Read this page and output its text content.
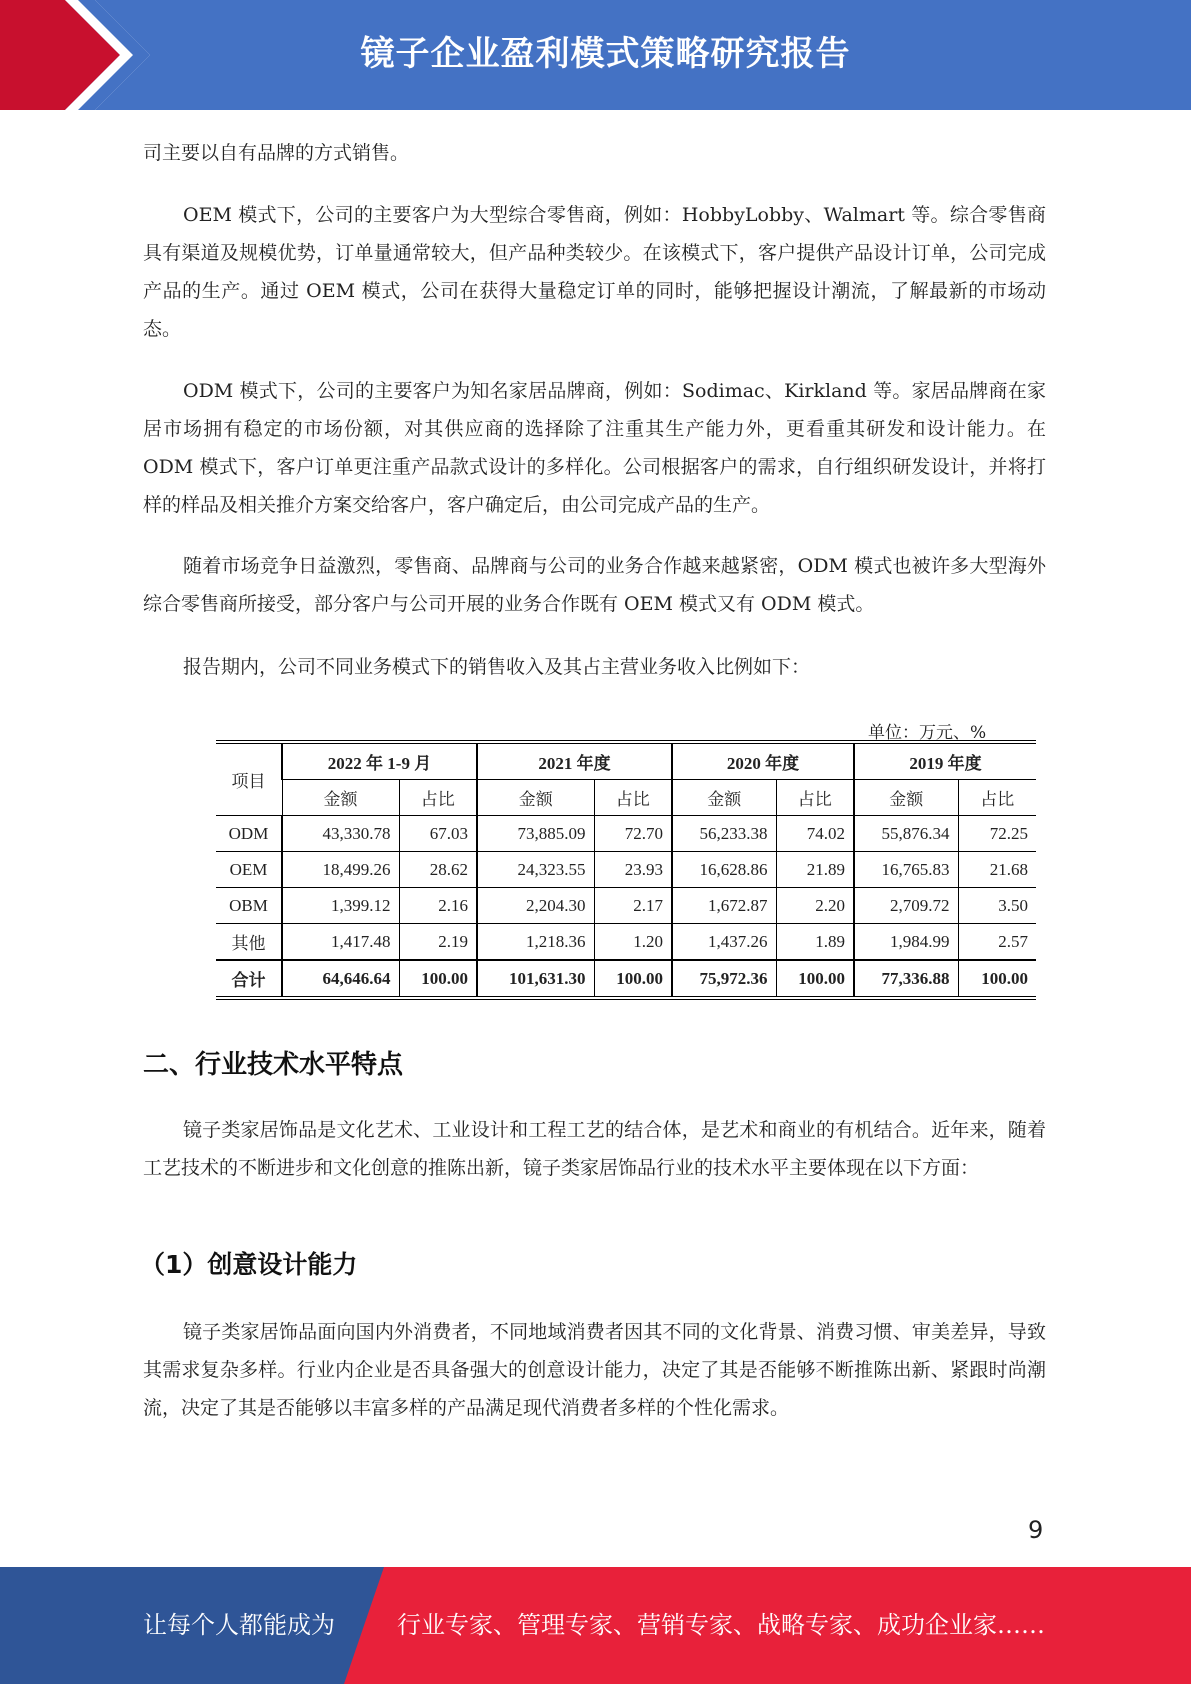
镜子企业盈利模式策略研究报告

司主要以自有品牌的方式销售。

OEM 模式下，公司的主要客户为大型综合零售商，例如：HobbyLobby、Walmart 等。综合零售商具有渠道及规模优势，订单量通常较大，但产品种类较少。在该模式下，客户提供产品设计订单，公司完成产品的生产。通过 OEM 模式，公司在获得大量稳定订单的同时，能够把握设计潮流，了解最新的市场动态。

ODM 模式下，公司的主要客户为知名家居品牌商，例如：Sodimac、Kirkland 等。家居品牌商在家居市场拥有稳定的市场份额，对其供应商的选择除了注重其生产能力外，更看重其研发和设计能力。在 ODM 模式下，客户订单更注重产品款式设计的多样化。公司根据客户的需求，自行组织研发设计，并将打样的样品及相关推介方案交给客户，客户确定后，由公司完成产品的生产。

随着市场竞争日益激烈，零售商、品牌商与公司的业务合作越来越紧密，ODM 模式也被许多大型海外综合零售商所接受，部分客户与公司开展的业务合作既有 OEM 模式又有 ODM 模式。

报告期内，公司不同业务模式下的销售收入及其占主营业务收入比例如下：

单位：万元、%
项目	2022 年 1-9 月		2021 年度		2020 年度		2019 年度	
	金额	占比	金额	占比	金额	占比	金额	占比
ODM	43,330.78	67.03	73,885.09	72.70	56,233.38	74.02	55,876.34	72.25
OEM	18,499.26	28.62	24,323.55	23.93	16,628.86	21.89	16,765.83	21.68
OBM	1,399.12	2.16	2,204.30	2.17	1,672.87	2.20	2,709.72	3.50
其他	1,417.48	2.19	1,218.36	1.20	1,437.26	1.89	1,984.99	2.57
合计	64,646.64	100.00	101,631.30	100.00	75,972.36	100.00	77,336.88	100.00
二、行业技术水平特点

镜子类家居饰品是文化艺术、工业设计和工程工艺的结合体，是艺术和商业的有机结合。近年来，随着工艺技术的不断进步和文化创意的推陈出新，镜子类家居饰品行业的技术水平主要体现在以下方面：

（1）创意设计能力

镜子类家居饰品面向国内外消费者，不同地域消费者因其不同的文化背景、消费习惯、审美差异，导致其需求复杂多样。行业内企业是否具备强大的创意设计能力，决定了其是否能够不断推陈出新、紧跟时尚潮流，决定了其是否能够以丰富多样的产品满足现代消费者多样的个性化需求。

9
让每个人都能成为	行业专家、管理专家、营销专家、战略专家、成功企业家……
